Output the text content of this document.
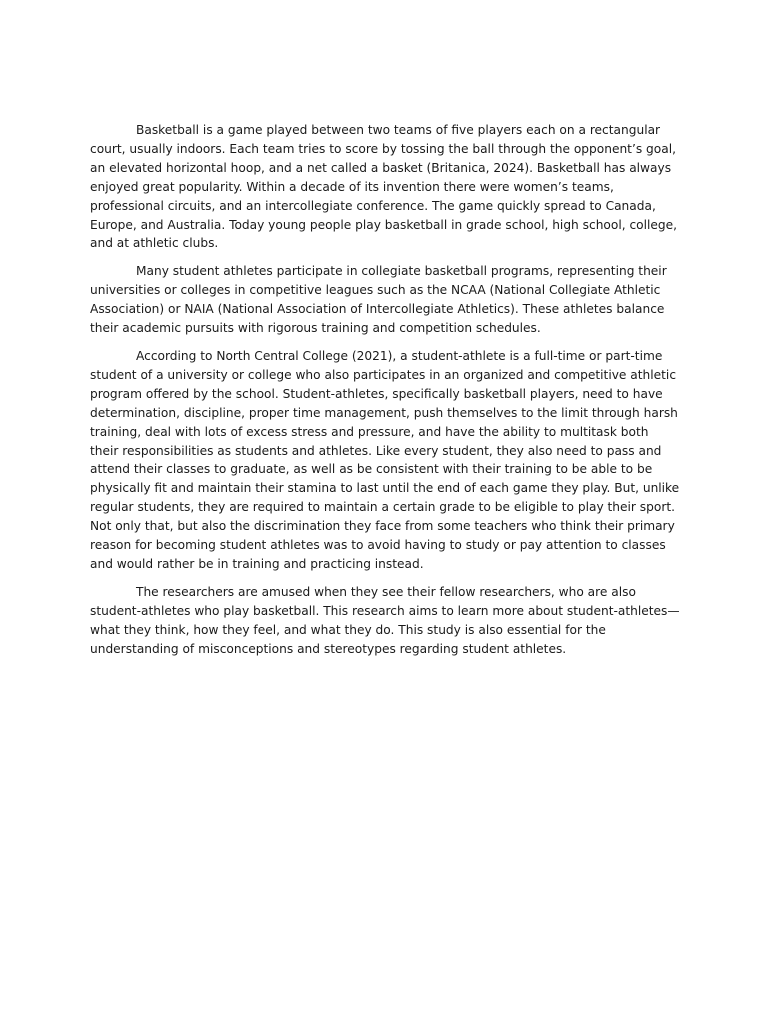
Basketball is a game played between two teams of five players each on a rectangular court, usually indoors. Each team tries to score by tossing the ball through the opponent’s goal, an elevated horizontal hoop, and a net called a basket (Britanica, 2024). Basketball has always enjoyed great popularity. Within a decade of its invention there were women’s teams, professional circuits, and an intercollegiate conference. The game quickly spread to Canada, Europe, and Australia. Today young people play basketball in grade school, high school, college, and at athletic clubs.

Many student athletes participate in collegiate basketball programs, representing their universities or colleges in competitive leagues such as the NCAA (National Collegiate Athletic Association) or NAIA (National Association of Intercollegiate Athletics). These athletes balance their academic pursuits with rigorous training and competition schedules.

According to North Central College (2021), a student-athlete is a full-time or part-time student of a university or college who also participates in an organized and competitive athletic program offered by the school. Student-athletes, specifically basketball players, need to have determination, discipline, proper time management, push themselves to the limit through harsh training, deal with lots of excess stress and pressure, and have the ability to multitask both their responsibilities as students and athletes. Like every student, they also need to pass and attend their classes to graduate, as well as be consistent with their training to be able to be physically fit and maintain their stamina to last until the end of each game they play. But, unlike regular students, they are required to maintain a certain grade to be eligible to play their sport. Not only that, but also the discrimination they face from some teachers who think their primary reason for becoming student athletes was to avoid having to study or pay attention to classes and would rather be in training and practicing instead.

The researchers are amused when they see their fellow researchers, who are also student-athletes who play basketball. This research aims to learn more about student-athletes—what they think, how they feel, and what they do. This study is also essential for the understanding of misconceptions and stereotypes regarding student athletes.
